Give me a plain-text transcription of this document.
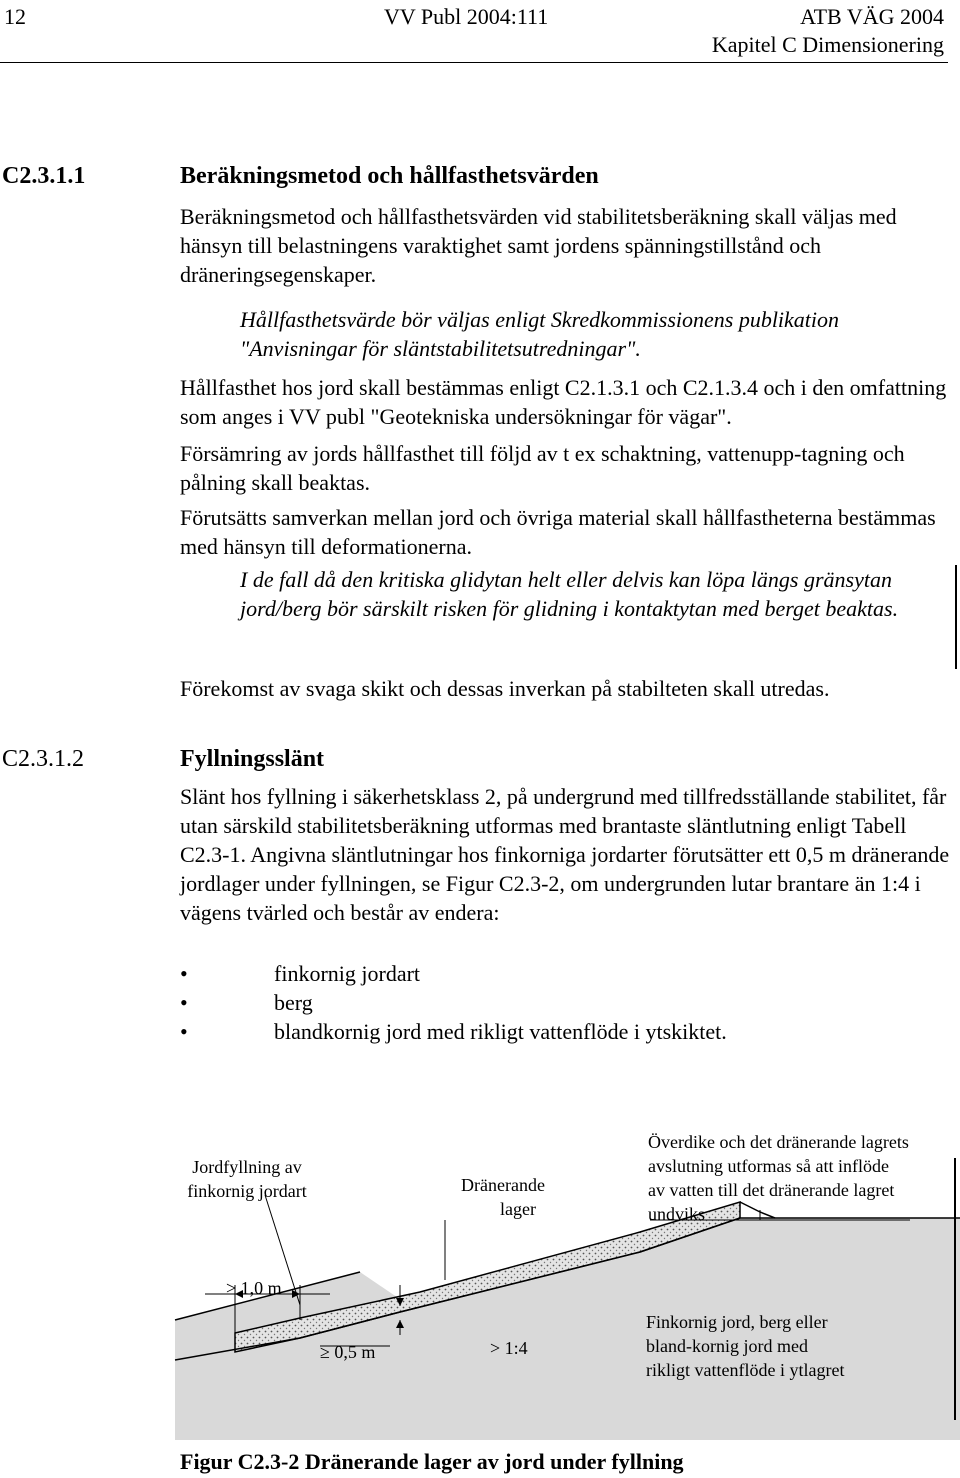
12	VV Publ 2004:111	ATB VÄG 2004
Kapitel C Dimensionering
C2.3.1.1	Beräkningsmetod och hållfasthetsvärden

Beräkningsmetod och hållfasthetsvärden vid stabilitetsberäkning skall väljas med hänsyn till belastningens varaktighet samt jordens spänningstillstånd och dräneringsegenskaper.

Hållfasthetsvärde bör väljas enligt Skredkommissionens publikation "Anvisningar för släntstabilitetsutredningar".

Hållfasthet hos jord skall bestämmas enligt C2.1.3.1 och C2.1.3.4 och i den omfattning som anges i VV publ "Geotekniska undersökningar för vägar".

Försämring av jords hållfasthet till följd av t ex schaktning, vattenupp-tagning och pålning skall beaktas.

Förutsätts samverkan mellan jord och övriga material skall hållfastheterna bestämmas med hänsyn till deformationerna.

I de fall då den kritiska glidytan helt eller delvis kan löpa längs gränsytan jord/berg bör särskilt risken för glidning i kontaktytan med berget beaktas.

Förekomst av svaga skikt och dessas inverkan på stabilteten skall utredas.

C2.3.1.2	Fyllningsslänt

Slänt hos fyllning i säkerhetsklass 2, på undergrund med tillfredsställande stabilitet, får utan särskild stabilitetsberäkning utformas med brantaste släntlutning enligt Tabell C2.3-1. Angivna släntlutningar hos finkorniga jordarter förutsätter ett 0,5 m dränerande jordlager under fyllningen, se Figur C2.3-2, om undergrunden lutar brantare än 1:4 i vägens tvärled och består av endera:

•	finkornig jordart
•	berg
•	blandkornig jord med rikligt vattenflöde i ytskiktet.
Jordfyllning av
finkornig jordart	Dränerande
lager
Överdike och det dränerande lagrets avslutning utformas så att inflöde av vatten till det dränerande lagret undviks
> 1,0 m
≥ 0,5 m	> 1:4
Finkornig jord, berg eller bland-kornig jord med rikligt vattenflöde i ytlagret
Figur C2.3-2 Dränerande lager av jord under fyllning
